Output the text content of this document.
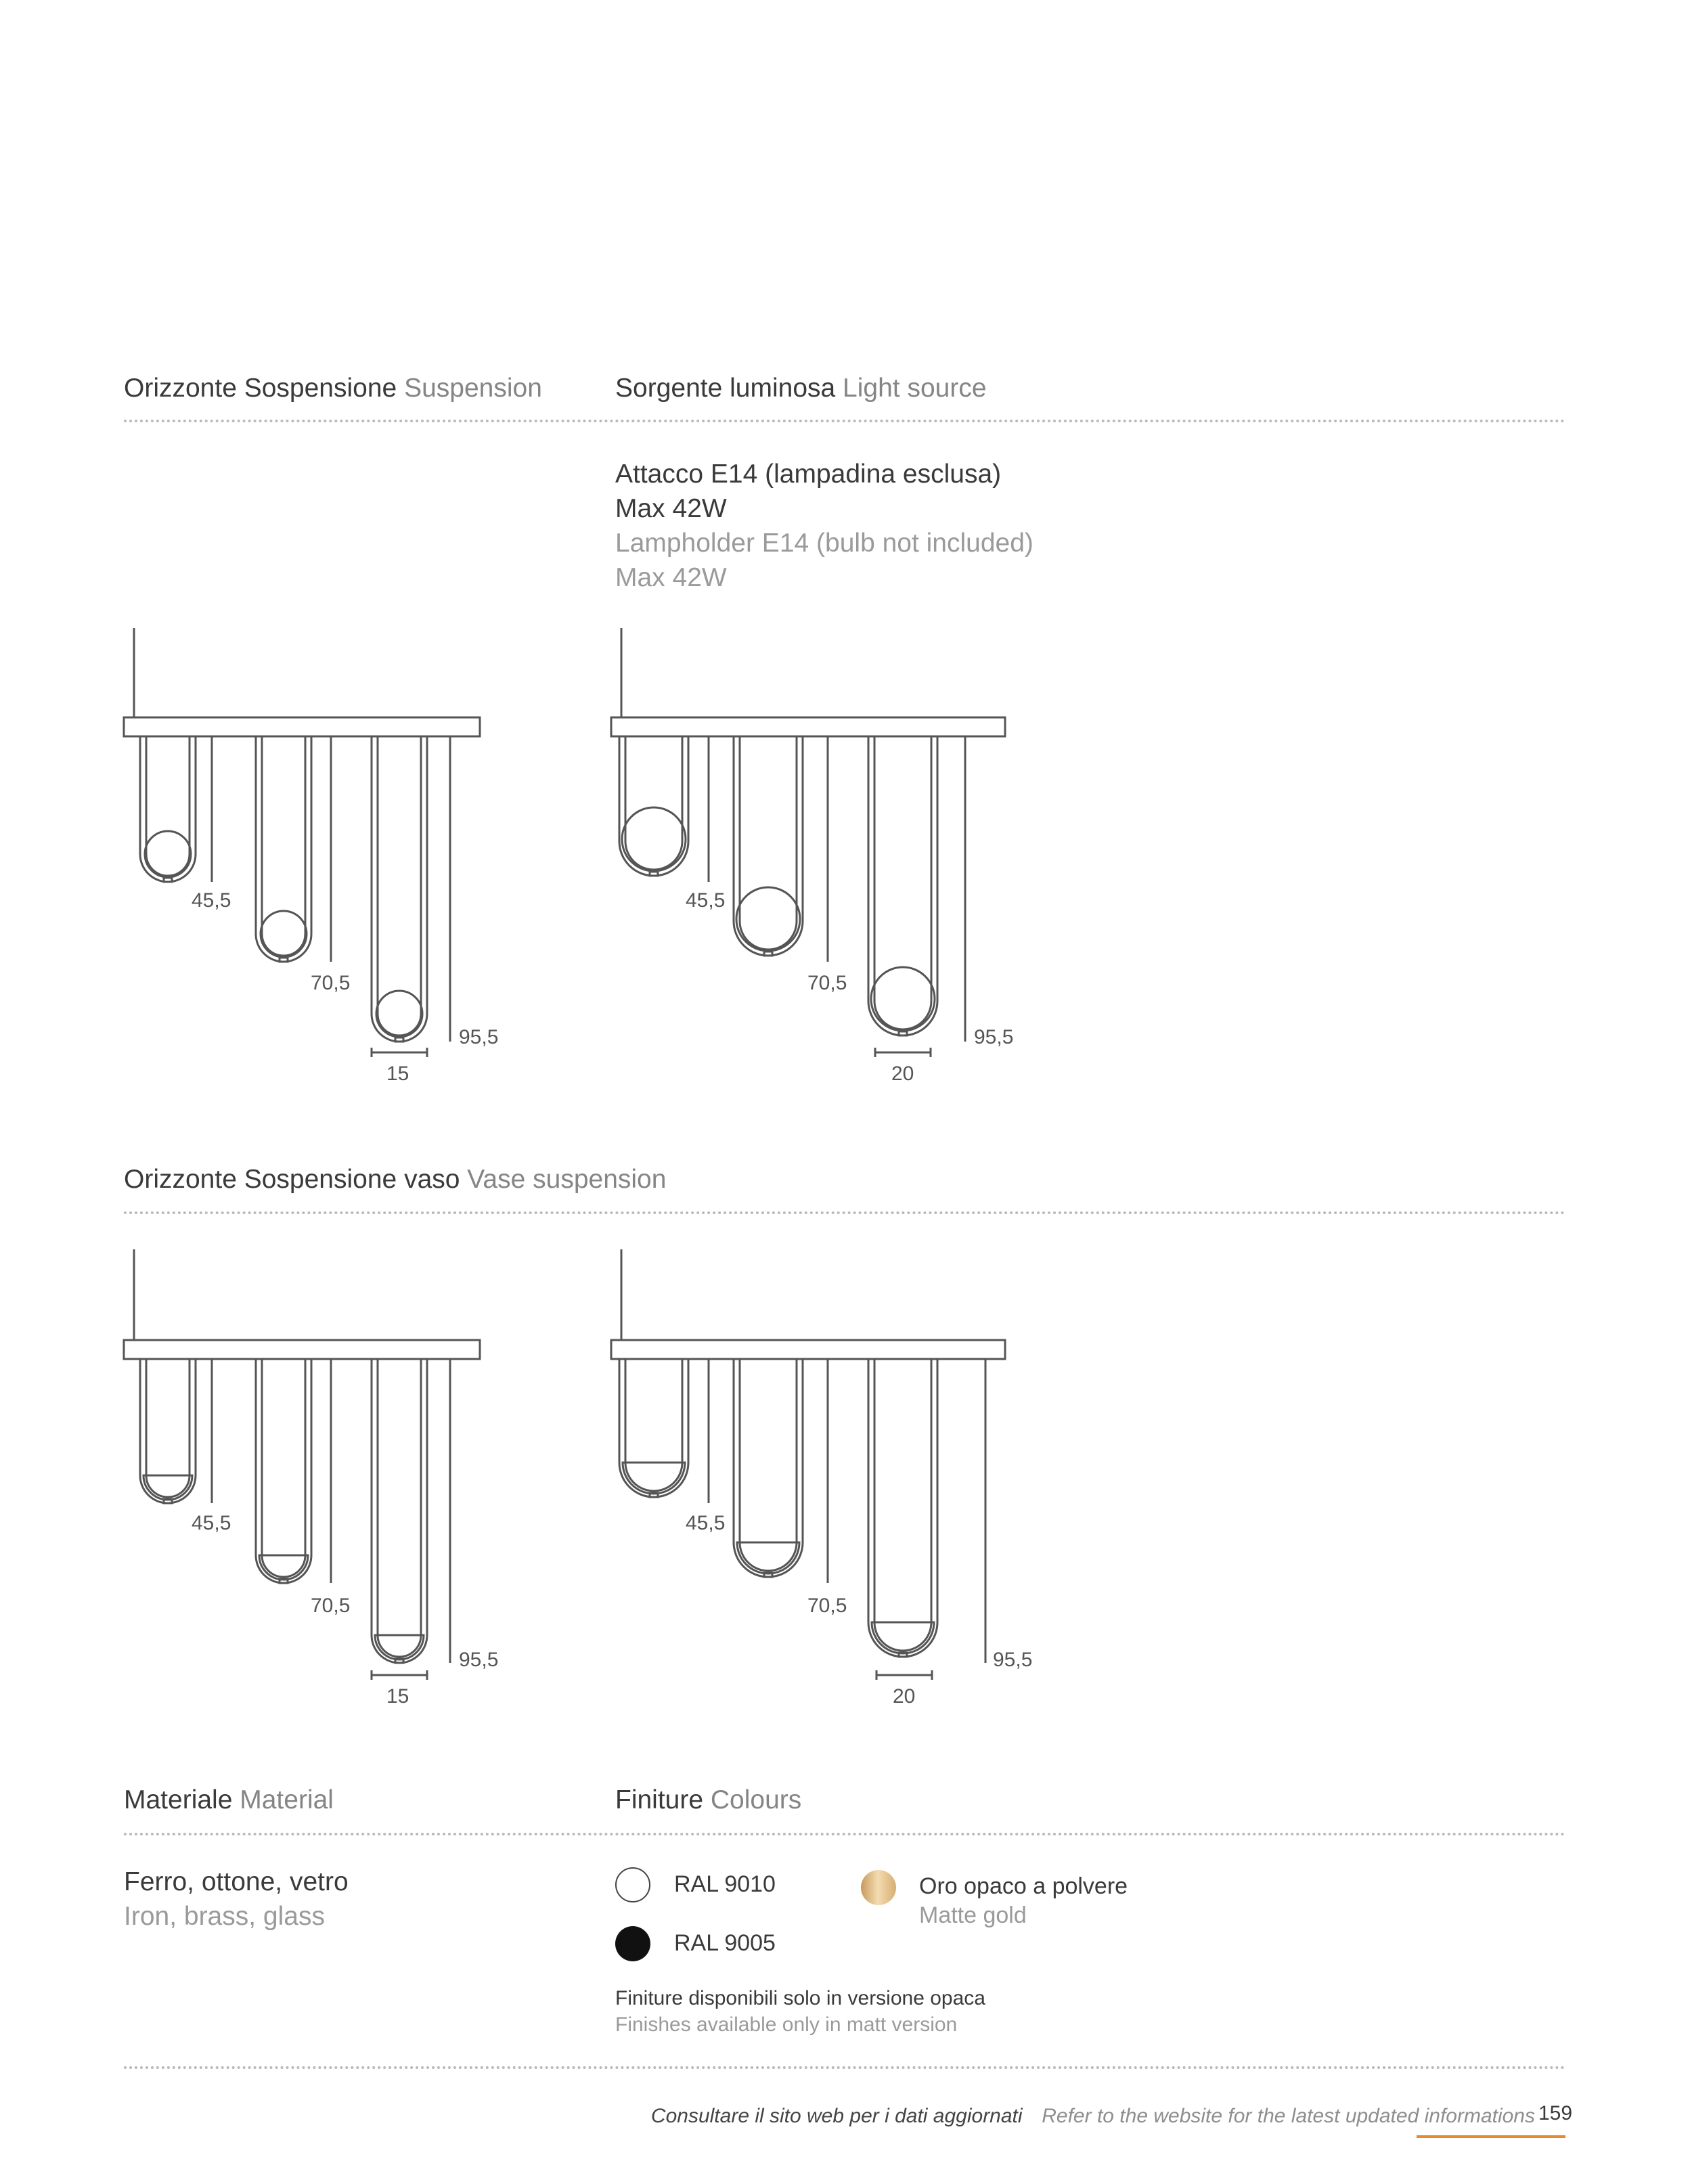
Orizzonte Sospensione Suspension	Sorgente luminosa Light source
Attacco E14 (lampadina esclusa)
Max 42W
Lampholder E14 (bulb not included)
Max 42W
45,5
70,5
95,5
15
45,5
70,5
95,5
20
45,5
70,5
95,5
15
45,5
70,5
95,5
20
Orizzonte Sospensione vaso Vase suspension
Materiale Material	Finiture Colours
Ferro, ottone, vetro
Iron, brass, glass
RAL 9010
RAL 9005
Oro opaco a polvere
Matte gold
Finiture disponibili solo in versione opaca
Finishes available only in matt version
Consultare il sito web per i dati aggiornati Refer to the website for the latest updated informations 159
